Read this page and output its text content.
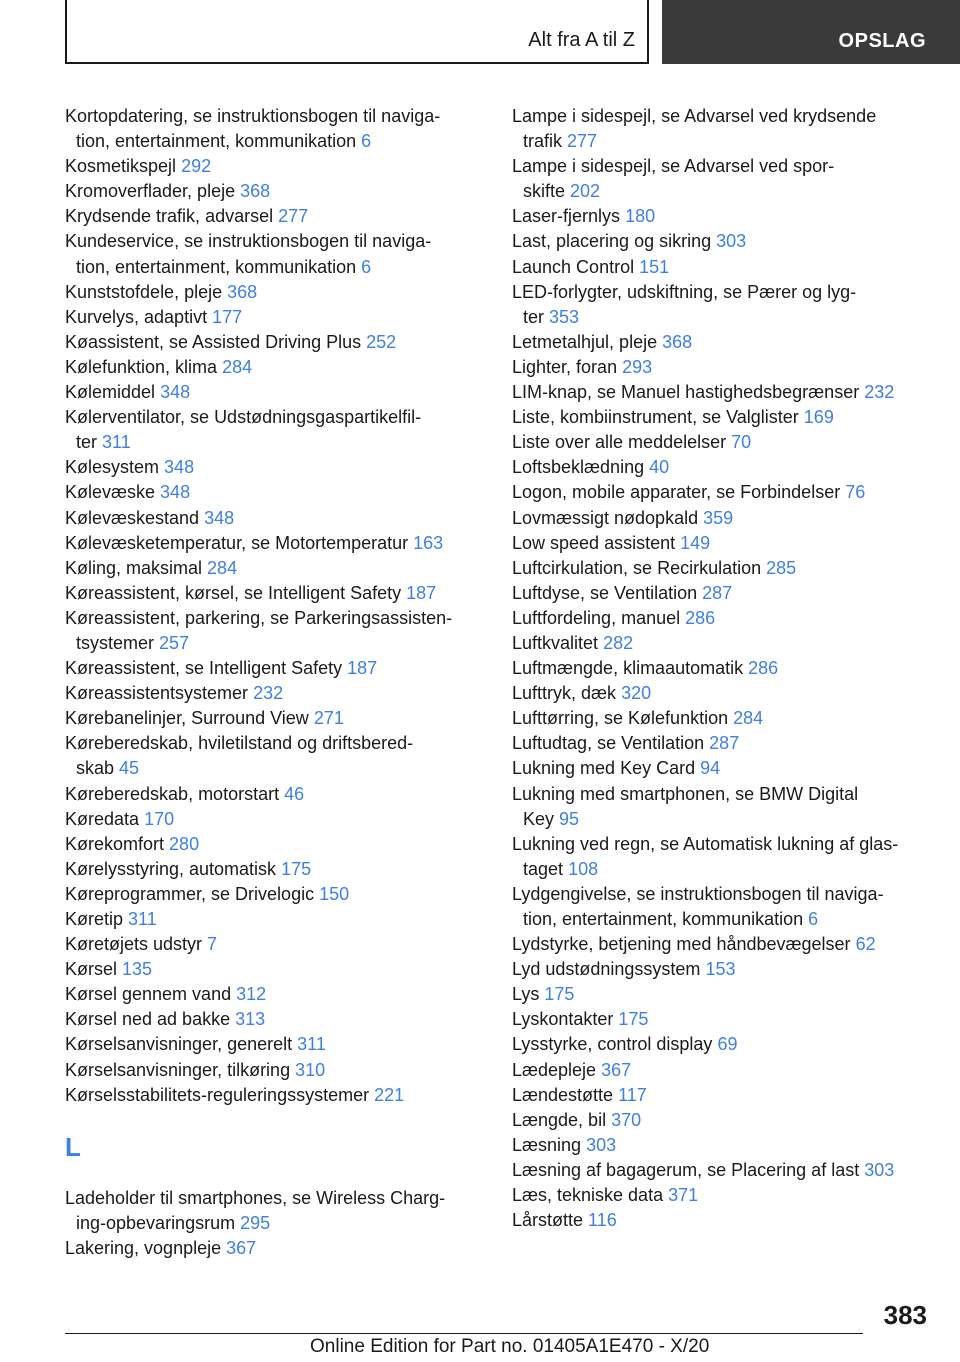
Alt fra A til Z	OPSLAG
Kortopdatering, se instruktionsbogen til naviga-
tion, entertainment, kommunikation 6
Kosmetikspejl 292
Kromoverflader, pleje 368
Krydsende trafik, advarsel 277
Kundeservice, se instruktionsbogen til naviga-
tion, entertainment, kommunikation 6
Kunststofdele, pleje 368
Kurvelys, adaptivt 177
Køassistent, se Assisted Driving Plus 252
Kølefunktion, klima 284
Kølemiddel 348
Kølerventilator, se Udstødningsgaspartikelfil-
ter 311
Kølesystem 348
Kølevæske 348
Kølevæskestand 348
Kølevæsketemperatur, se Motortemperatur 163
Køling, maksimal 284
Køreassistent, kørsel, se Intelligent Safety 187
Køreassistent, parkering, se Parkeringsassisten-
tsystemer 257
Køreassistent, se Intelligent Safety 187
Køreassistentsystemer 232
Kørebanelinjer, Surround View 271
Køreberedskab, hviletilstand og driftsbered-
skab 45
Køreberedskab, motorstart 46
Køredata 170
Kørekomfort 280
Kørelysstyring, automatisk 175
Køreprogrammer, se Drivelogic 150
Køretip 311
Køretøjets udstyr 7
Kørsel 135
Kørsel gennem vand 312
Kørsel ned ad bakke 313
Kørselsanvisninger, generelt 311
Kørselsanvisninger, tilkøring 310
Kørselsstabilitets-reguleringssystemer 221
L
Ladeholder til smartphones, se Wireless Charg-
ing-opbevaringsrum 295
Lakering, vognpleje 367
Lampe i sidespejl, se Advarsel ved krydsende
trafik 277
Lampe i sidespejl, se Advarsel ved spor-
skifte 202
Laser-fjernlys 180
Last, placering og sikring 303
Launch Control 151
LED-forlygter, udskiftning, se Pærer og lyg-
ter 353
Letmetalhjul, pleje 368
Lighter, foran 293
LIM-knap, se Manuel hastighedsbegrænser 232
Liste, kombiinstrument, se Valglister 169
Liste over alle meddelelser 70
Loftsbeklædning 40
Logon, mobile apparater, se Forbindelser 76
Lovmæssigt nødopkald 359
Low speed assistent 149
Luftcirkulation, se Recirkulation 285
Luftdyse, se Ventilation 287
Luftfordeling, manuel 286
Luftkvalitet 282
Luftmængde, klimaautomatik 286
Lufttryk, dæk 320
Lufttørring, se Kølefunktion 284
Luftudtag, se Ventilation 287
Lukning med Key Card 94
Lukning med smartphonen, se BMW Digital
Key 95
Lukning ved regn, se Automatisk lukning af glas-
taget 108
Lydgengivelse, se instruktionsbogen til naviga-
tion, entertainment, kommunikation 6
Lydstyrke, betjening med håndbevægelser 62
Lyd udstødningssystem 153
Lys 175
Lyskontakter 175
Lysstyrke, control display 69
Lædepleje 367
Lændestøtte 117
Længde, bil 370
Læsning 303
Læsning af bagagerum, se Placering af last 303
Læs, tekniske data 371
Lårstøtte 116
383
Online Edition for Part no. 01405A1E470 - X/20
